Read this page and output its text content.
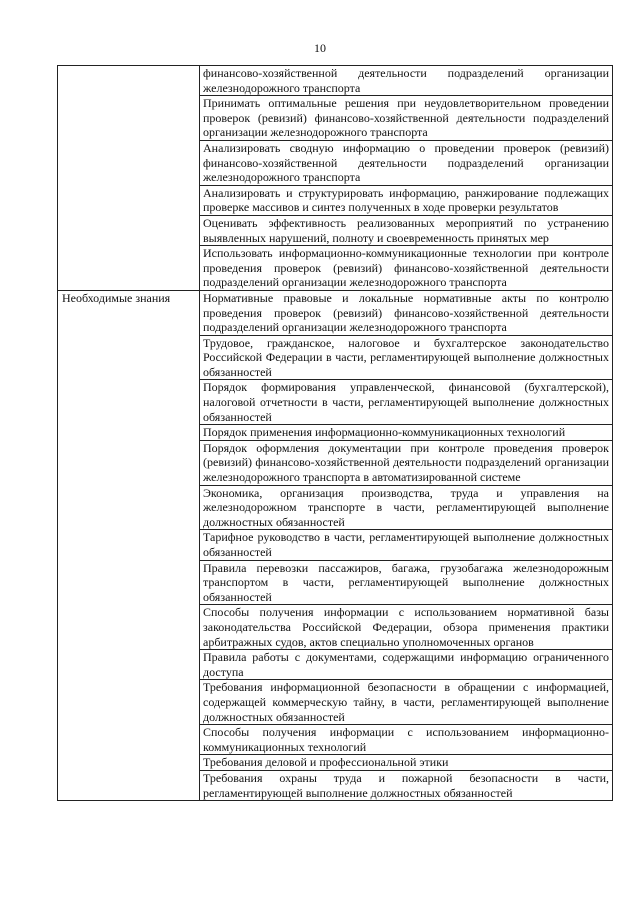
10
	финансово-хозяйственной деятельности подразделений организации железнодорожного транспорта
	Принимать оптимальные решения при неудовлетворительном проведении проверок (ревизий) финансово-хозяйственной деятельности подразделений организации железнодорожного транспорта
	Анализировать сводную информацию о проведении проверок (ревизий) финансово-хозяйственной деятельности подразделений организации железнодорожного транспорта
	Анализировать и структурировать информацию, ранжирование подлежащих проверке массивов и синтез полученных в ходе проверки результатов
	Оценивать эффективность реализованных мероприятий по устранению выявленных нарушений, полноту и своевременность принятых мер
	Использовать информационно-коммуникационные технологии при контроле проведения проверок (ревизий) финансово-хозяйственной деятельности подразделений организации железнодорожного транспорта
Необходимые знания	Нормативные правовые и локальные нормативные акты по контролю проведения проверок (ревизий) финансово-хозяйственной деятельности подразделений организации железнодорожного транспорта
	Трудовое, гражданское, налоговое и бухгалтерское законодательство Российской Федерации в части, регламентирующей выполнение должностных обязанностей
	Порядок формирования управленческой, финансовой (бухгалтерской), налоговой отчетности в части, регламентирующей выполнение должностных обязанностей
	Порядок применения информационно-коммуникационных технологий
	Порядок оформления документации при контроле проведения проверок (ревизий) финансово-хозяйственной деятельности подразделений организации железнодорожного транспорта в автоматизированной системе
	Экономика, организация производства, труда и управления на железнодорожном транспорте в части, регламентирующей выполнение должностных обязанностей
	Тарифное руководство в части, регламентирующей выполнение должностных обязанностей
	Правила перевозки пассажиров, багажа, грузобагажа железнодорожным транспортом в части, регламентирующей выполнение должностных обязанностей
	Способы получения информации с использованием нормативной базы законодательства Российской Федерации, обзора применения практики арбитражных судов, актов специально уполномоченных органов
	Правила работы с документами, содержащими информацию ограниченного доступа
	Требования информационной безопасности в обращении с информацией, содержащей коммерческую тайну, в части, регламентирующей выполнение должностных обязанностей
	Способы получения информации с использованием информационно-коммуникационных технологий
	Требования деловой и профессиональной этики
	Требования охраны труда и пожарной безопасности в части, регламентирующей выполнение должностных обязанностей
